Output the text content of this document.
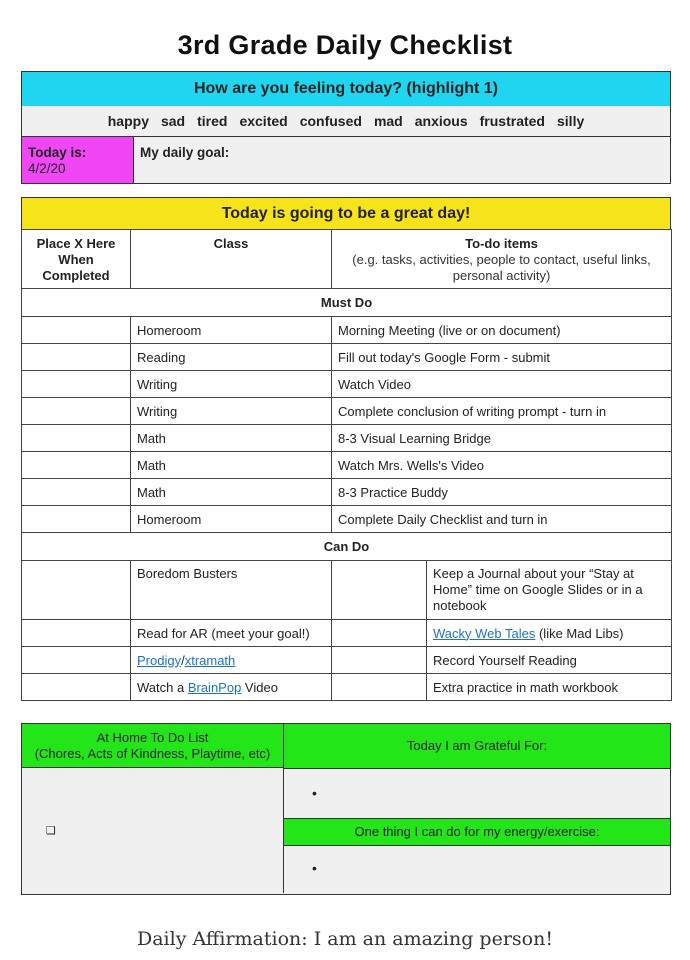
3rd Grade Daily Checklist
How are you feeling today? (highlight 1)
happy sad tired excited confused mad anxious frustrated silly
Today is:
4/2/20
My daily goal:
Today is going to be a great day!
Place X Here When Completed	Class	To-do items
(e.g. tasks, activities, people to contact, useful links, personal activity)	

Must Do			
	Homeroom	Morning Meeting (live or on document)	
	Reading	Fill out today's Google Form - submit	
	Writing	Watch Video	
	Writing	Complete conclusion of writing prompt - turn in	
	Math	8-3 Visual Learning Bridge	
	Math	Watch Mrs. Wells's Video	
	Math	8-3 Practice Buddy	
	Homeroom	Complete Daily Checklist and turn in	
Can Do			
	Boredom Busters		Keep a Journal about your “Stay at Home” time on Google Slides or in a notebook
	Read for AR (meet your goal!)		Wacky Web Tales (like Mad Libs)
	Prodigy/xtramath		Record Yourself Reading
	Watch a BrainPop Video		Extra practice in math workbook
At Home To Do List
(Chores, Acts of Kindness, Playtime, etc)
❑
Today I am Grateful For:
•
One thing I can do for my energy/exercise:
•
Daily Affirmation: I am an amazing person!
